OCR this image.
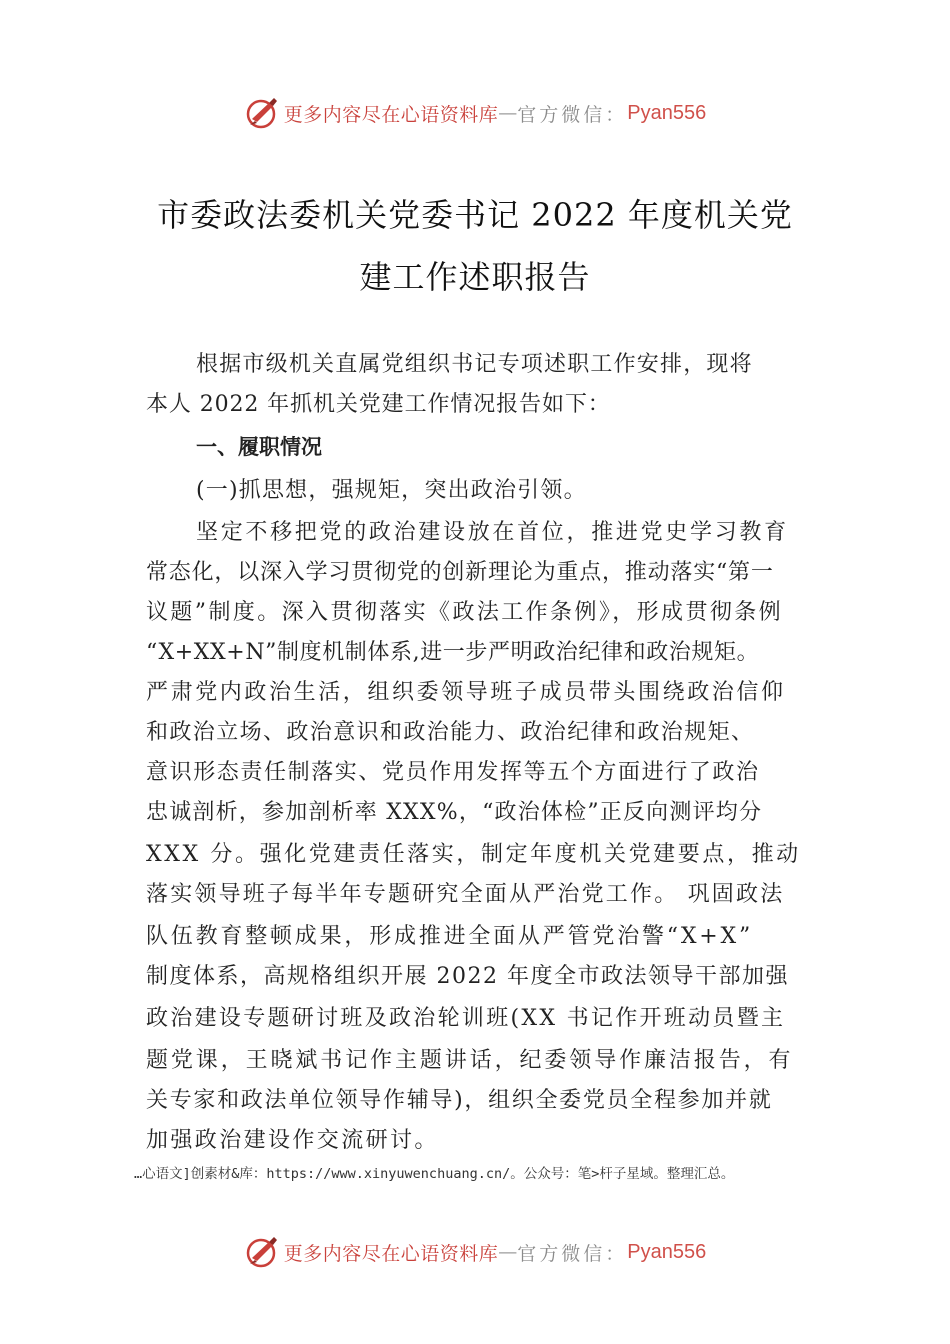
更多内容尽在心语资料库 — 官方微信： Pyan556
市委政法委机关党委书记 2022 年度机关党
建工作述职报告
根据市级机关直属党组织书记专项述职工作安排，现将
本人 2022 年抓机关党建工作情况报告如下：
一、履职情况
(一)抓思想，强规矩，突出政治引领。
坚定不移把党的政治建设放在首位，推进党史学习教育
常态化，以深入学习贯彻党的创新理论为重点，推动落实“第一
议题”制度。深入贯彻落实《政法工作条例》，形成贯彻条例
“X+XX+N”制度机制体系,进一步严明政治纪律和政治规矩。
严肃党内政治生活，组织委领导班子成员带头围绕政治信仰
和政治立场、政治意识和政治能力、政治纪律和政治规矩、
意识形态责任制落实、党员作用发挥等五个方面进行了政治
忠诚剖析，参加剖析率 XXX%，“政治体检”正反向测评均分
XXX 分。强化党建责任落实，制定年度机关党建要点，推动
落实领导班子每半年专题研究全面从严治党工作。 巩固政法
队伍教育整顿成果，形成推进全面从严管党治警“X+X”
制度体系，高规格组织开展 2022 年度全市政法领导干部加强
政治建设专题研讨班及政治轮训班(XX 书记作开班动员暨主
题党课，王晓斌书记作主题讲话，纪委领导作廉洁报告，有
关专家和政法单位领导作辅导)，组织全委党员全程参加并就
加强政治建设作交流研讨。
…心语文]创素材&库：https://www.xinyuwenchuang.cn/。公众号：笔>杆子星域。整理汇总。
更多内容尽在心语资料库 — 官方微信： Pyan556
